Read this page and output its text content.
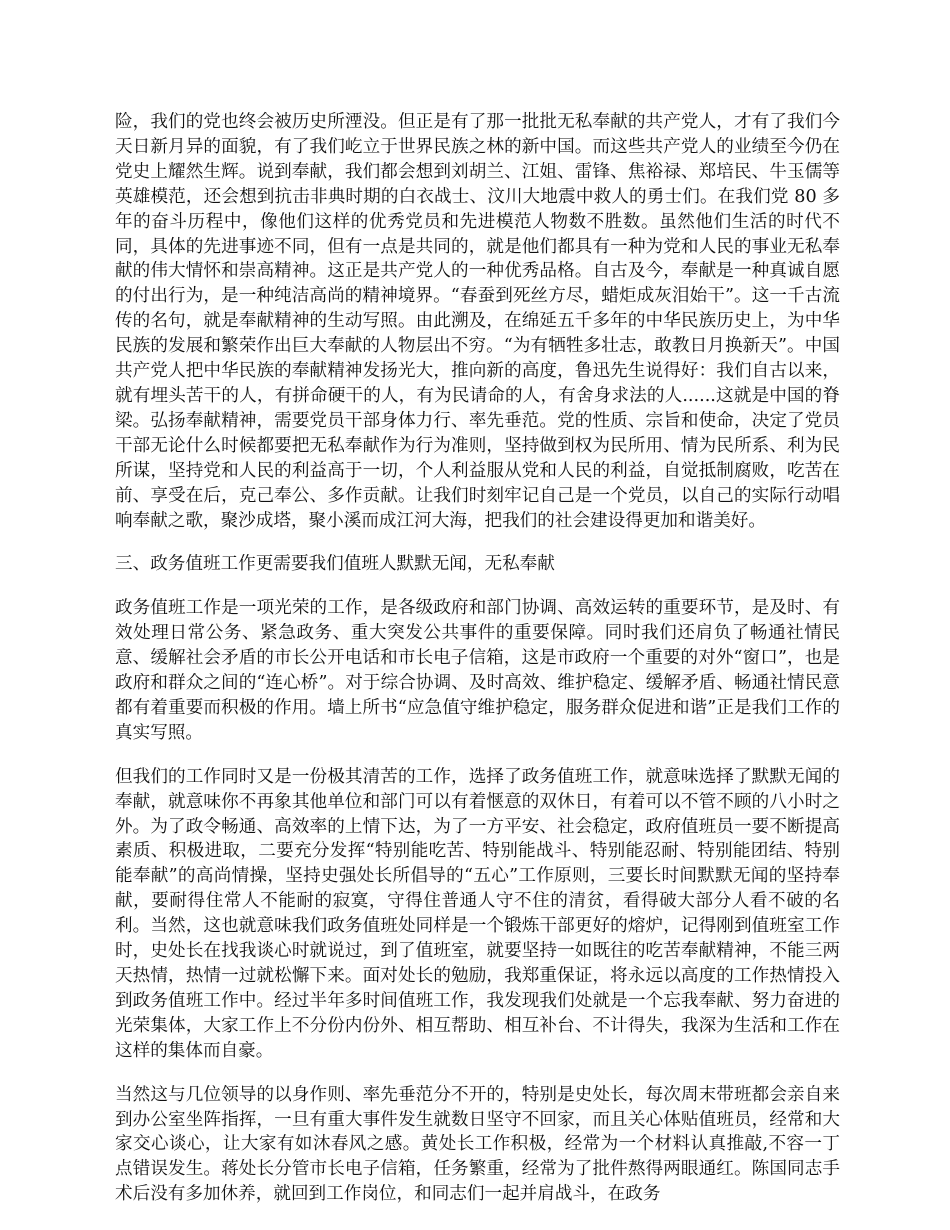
险，我们的党也终会被历史所湮没。但正是有了那一批批无私奉献的共产党人，才有了我们今天日新月异的面貌，有了我们屹立于世界民族之林的新中国。而这些共产党人的业绩至今仍在党史上耀然生辉。说到奉献，我们都会想到刘胡兰、江姐、雷锋、焦裕禄、郑培民、牛玉儒等英雄模范，还会想到抗击非典时期的白衣战士、汶川大地震中救人的勇士们。在我们党 80 多年的奋斗历程中，像他们这样的优秀党员和先进模范人物数不胜数。虽然他们生活的时代不同，具体的先进事迹不同，但有一点是共同的，就是他们都具有一种为党和人民的事业无私奉献的伟大情怀和崇高精神。这正是共产党人的一种优秀品格。自古及今，奉献是一种真诚自愿的付出行为，是一种纯洁高尚的精神境界。“春蚕到死丝方尽，蜡炬成灰泪始干”。这一千古流传的名句，就是奉献精神的生动写照。由此溯及，在绵延五千多年的中华民族历史上，为中华民族的发展和繁荣作出巨大奉献的人物层出不穷。“为有牺牲多壮志，敢教日月换新天”。中国共产党人把中华民族的奉献精神发扬光大，推向新的高度，鲁迅先生说得好：我们自古以来，就有埋头苦干的人，有拼命硬干的人，有为民请命的人，有舍身求法的人......这就是中国的脊梁。弘扬奉献精神，需要党员干部身体力行、率先垂范。党的性质、宗旨和使命，决定了党员干部无论什么时候都要把无私奉献作为行为准则，坚持做到权为民所用、情为民所系、利为民所谋，坚持党和人民的利益高于一切，个人利益服从党和人民的利益，自觉抵制腐败，吃苦在前、享受在后，克己奉公、多作贡献。让我们时刻牢记自己是一个党员，以自己的实际行动唱响奉献之歌，聚沙成塔，聚小溪而成江河大海，把我们的社会建设得更加和谐美好。

三、政务值班工作更需要我们值班人默默无闻，无私奉献

政务值班工作是一项光荣的工作，是各级政府和部门协调、高效运转的重要环节，是及时、有效处理日常公务、紧急政务、重大突发公共事件的重要保障。同时我们还肩负了畅通社情民意、缓解社会矛盾的市长公开电话和市长电子信箱，这是市政府一个重要的对外“窗口”，也是政府和群众之间的“连心桥”。对于综合协调、及时高效、维护稳定、缓解矛盾、畅通社情民意都有着重要而积极的作用。墙上所书“应急值守维护稳定，服务群众促进和谐”正是我们工作的真实写照。

但我们的工作同时又是一份极其清苦的工作，选择了政务值班工作，就意味选择了默默无闻的奉献，就意味你不再象其他单位和部门可以有着惬意的双休日，有着可以不管不顾的八小时之外。为了政令畅通、高效率的上情下达，为了一方平安、社会稳定，政府值班员一要不断提高素质、积极进取，二要充分发挥“特别能吃苦、特别能战斗、特别能忍耐、特别能团结、特别能奉献”的高尚情操，坚持史强处长所倡导的“五心”工作原则，三要长时间默默无闻的坚持奉献，要耐得住常人不能耐的寂寞，守得住普通人守不住的清贫，看得破大部分人看不破的名利。当然，这也就意味我们政务值班处同样是一个锻炼干部更好的熔炉，记得刚到值班室工作时，史处长在找我谈心时就说过，到了值班室，就要坚持一如既往的吃苦奉献精神，不能三两天热情，热情一过就松懈下来。面对处长的勉励，我郑重保证，将永远以高度的工作热情投入到政务值班工作中。经过半年多时间值班工作，我发现我们处就是一个忘我奉献、努力奋进的光荣集体，大家工作上不分份内份外、相互帮助、相互补台、不计得失，我深为生活和工作在这样的集体而自豪。

当然这与几位领导的以身作则、率先垂范分不开的，特别是史处长，每次周末带班都会亲自来到办公室坐阵指挥，一旦有重大事件发生就数日坚守不回家，而且关心体贴值班员，经常和大家交心谈心，让大家有如沐春风之感。黄处长工作积极，经常为一个材料认真推敲,不容一丁点错误发生。蒋处长分管市长电子信箱，任务繁重，经常为了批件熬得两眼通红。陈国同志手术后没有多加休养，就回到工作岗位，和同志们一起并肩战斗，在政务
